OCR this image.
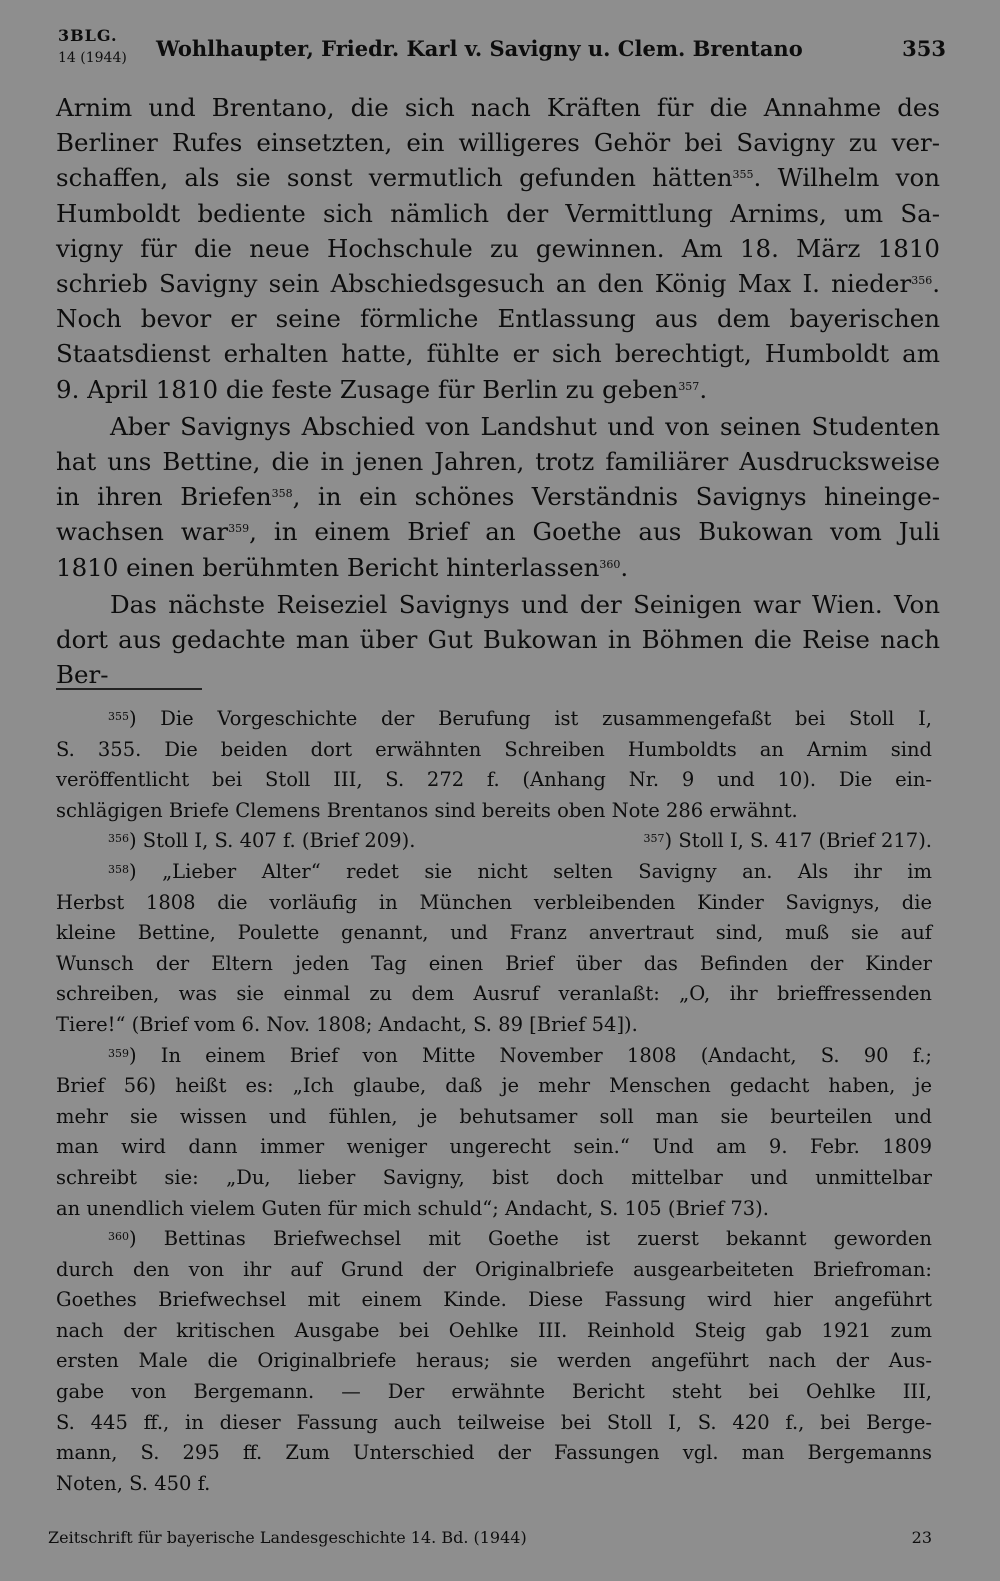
3BLG.
14 (1944) Wohlhaupter, Friedr. Karl v. Savigny u. Clem. Brentano	353

Arnim und Brentano, die sich nach Kräften für die Annahme des

Berliner Rufes einsetzten, ein willigeres Gehör bei Savigny zu ver-

schaffen, als sie sonst vermutlich gefunden hätten$^{355}$. Wilhelm von

Humboldt bediente sich nämlich der Vermittlung Arnims, um Sa-

vigny für die neue Hochschule zu gewinnen. Am 18. März 1810

schrieb Savigny sein Abschiedsgesuch an den König Max I. nieder$^{356}$.

Noch bevor er seine förmliche Entlassung aus dem bayerischen

Staatsdienst erhalten hatte, fühlte er sich berechtigt, Humboldt am

9. April 1810 die feste Zusage für Berlin zu geben$^{357}$.

Aber Savignys Abschied von Landshut und von seinen Studenten

hat uns Bettine, die in jenen Jahren, trotz familiärer Ausdrucksweise

in ihren Briefen$^{358}$, in ein schönes Verständnis Savignys hineinge-

wachsen war$^{359}$, in einem Brief an Goethe aus Bukowan vom Juli

1810 einen berühmten Bericht hinterlassen$^{360}$.

Das nächste Reiseziel Savignys und der Seinigen war Wien. Von

dort aus gedachte man über Gut Bukowan in Böhmen die Reise nach Ber-

$^{355}$) Die Vorgeschichte der Berufung ist zusammengefaßt bei Stoll I,

S. 355. Die beiden dort erwähnten Schreiben Humboldts an Arnim sind

veröffentlicht bei Stoll III, S. 272 f. (Anhang Nr. 9 und 10). Die ein-

schlägigen Briefe Clemens Brentanos sind bereits oben Note 286 erwähnt.

$^{356}$) Stoll I, S. 407 f. (Brief 209).	$^{357}$) Stoll I, S. 417 (Brief 217).

$^{358}$) „Lieber Alter“ redet sie nicht selten Savigny an. Als ihr im

Herbst 1808 die vorläufig in München verbleibenden Kinder Savignys, die

kleine Bettine, Poulette genannt, und Franz anvertraut sind, muß sie auf

Wunsch der Eltern jeden Tag einen Brief über das Befinden der Kinder

schreiben, was sie einmal zu dem Ausruf veranlaßt: „O, ihr brieffressenden

Tiere!“ (Brief vom 6. Nov. 1808; Andacht, S. 89 [Brief 54]).

$^{359}$) In einem Brief von Mitte November 1808 (Andacht, S. 90 f.;

Brief 56) heißt es: „Ich glaube, daß je mehr Menschen gedacht haben, je

mehr sie wissen und fühlen, je behutsamer soll man sie beurteilen und

man wird dann immer weniger ungerecht sein.“ Und am 9. Febr. 1809

schreibt sie: „Du, lieber Savigny, bist doch mittelbar und unmittelbar

an unendlich vielem Guten für mich schuld“; Andacht, S. 105 (Brief 73).

$^{360}$) Bettinas Briefwechsel mit Goethe ist zuerst bekannt geworden

durch den von ihr auf Grund der Originalbriefe ausgearbeiteten Briefroman:

Goethes Briefwechsel mit einem Kinde. Diese Fassung wird hier angeführt

nach der kritischen Ausgabe bei Oehlke III. Reinhold Steig gab 1921 zum

ersten Male die Originalbriefe heraus; sie werden angeführt nach der Aus-

gabe von Bergemann. — Der erwähnte Bericht steht bei Oehlke III,

S. 445 ff., in dieser Fassung auch teilweise bei Stoll I, S. 420 f., bei Berge-

mann, S. 295 ff. Zum Unterschied der Fassungen vgl. man Bergemanns

Noten, S. 450 f.

Zeitschrift für bayerische Landesgeschichte 14. Bd. (1944)	23
